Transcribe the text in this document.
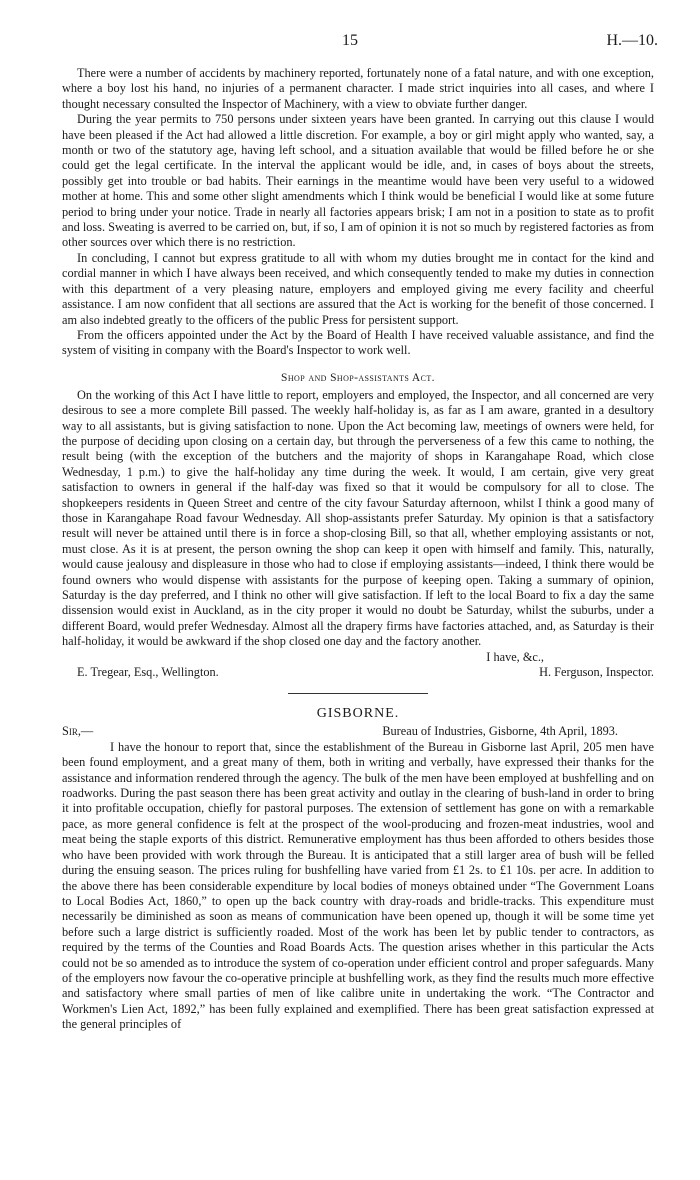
15	H.—10.

There were a number of accidents by machinery reported, fortunately none of a fatal nature, and with one exception, where a boy lost his hand, no injuries of a permanent character. I made strict inquiries into all cases, and where I thought necessary consulted the Inspector of Machinery, with a view to obviate further danger.

During the year permits to 750 persons under sixteen years have been granted. In carrying out this clause I would have been pleased if the Act had allowed a little discretion. For example, a boy or girl might apply who wanted, say, a month or two of the statutory age, having left school, and a situation available that would be filled before he or she could get the legal certificate. In the interval the applicant would be idle, and, in cases of boys about the streets, possibly get into trouble or bad habits. Their earnings in the meantime would have been very useful to a widowed mother at home. This and some other slight amendments which I think would be beneficial I would like at some future period to bring under your notice. Trade in nearly all factories appears brisk; I am not in a position to state as to profit and loss. Sweating is averred to be carried on, but, if so, I am of opinion it is not so much by registered factories as from other sources over which there is no restriction.

In concluding, I cannot but express gratitude to all with whom my duties brought me in contact for the kind and cordial manner in which I have always been received, and which consequently tended to make my duties in connection with this department of a very pleasing nature, employers and employed giving me every facility and cheerful assistance. I am now confident that all sections are assured that the Act is working for the benefit of those concerned. I am also indebted greatly to the officers of the public Press for persistent support.

From the officers appointed under the Act by the Board of Health I have received valuable assistance, and find the system of visiting in company with the Board's Inspector to work well.

Shop and Shop-assistants Act.

On the working of this Act I have little to report, employers and employed, the Inspector, and all concerned are very desirous to see a more complete Bill passed. The weekly half-holiday is, as far as I am aware, granted in a desultory way to all assistants, but is giving satisfaction to none. Upon the Act becoming law, meetings of owners were held, for the purpose of deciding upon closing on a certain day, but through the perverseness of a few this came to nothing, the result being (with the exception of the butchers and the majority of shops in Karangahape Road, which close Wednesday, 1 p.m.) to give the half-holiday any time during the week. It would, I am certain, give very great satisfaction to owners in general if the half-day was fixed so that it would be compulsory for all to close. The shopkeepers residents in Queen Street and centre of the city favour Saturday afternoon, whilst I think a good many of those in Karangahape Road favour Wednesday. All shop-assistants prefer Saturday. My opinion is that a satisfactory result will never be attained until there is in force a shop-closing Bill, so that all, whether employing assistants or not, must close. As it is at present, the person owning the shop can keep it open with himself and family. This, naturally, would cause jealousy and displeasure in those who had to close if employing assistants—indeed, I think there would be found owners who would dispense with assistants for the purpose of keeping open. Taking a summary of opinion, Saturday is the day preferred, and I think no other will give satisfaction. If left to the local Board to fix a day the same dissension would exist in Auckland, as in the city proper it would no doubt be Saturday, whilst the suburbs, under a different Board, would prefer Wednesday. Almost all the drapery firms have factories attached, and, as Saturday is their half-holiday, it would be awkward if the shop closed one day and the factory another.

E. Tregear, Esq., Wellington.
I have, &c.,
H. Ferguson, Inspector.
GISBORNE.
Sir,—	Bureau of Industries, Gisborne, 4th April, 1893.

I have the honour to report that, since the establishment of the Bureau in Gisborne last April, 205 men have been found employment, and a great many of them, both in writing and verbally, have expressed their thanks for the assistance and information rendered through the agency. The bulk of the men have been employed at bushfelling and on roadworks. During the past season there has been great activity and outlay in the clearing of bush-land in order to bring it into profitable occupation, chiefly for pastoral purposes. The extension of settlement has gone on with a remarkable pace, as more general confidence is felt at the prospect of the wool-producing and frozen-meat industries, wool and meat being the staple exports of this district. Remunerative employment has thus been afforded to others besides those who have been provided with work through the Bureau. It is anticipated that a still larger area of bush will be felled during the ensuing season. The prices ruling for bushfelling have varied from £1 2s. to £1 10s. per acre. In addition to the above there has been considerable expenditure by local bodies of moneys obtained under “The Government Loans to Local Bodies Act, 1860,” to open up the back country with dray-roads and bridle-tracks. This expenditure must necessarily be diminished as soon as means of communication have been opened up, though it will be some time yet before such a large district is sufficiently roaded. Most of the work has been let by public tender to contractors, as required by the terms of the Counties and Road Boards Acts. The question arises whether in this particular the Acts could not be so amended as to introduce the system of co-operation under efficient control and proper safeguards. Many of the employers now favour the co-operative principle at bushfelling work, as they find the results much more effective and satisfactory where small parties of men of like calibre unite in undertaking the work. “The Contractor and Workmen's Lien Act, 1892,” has been fully explained and exemplified. There has been great satisfaction expressed at the general principles of
